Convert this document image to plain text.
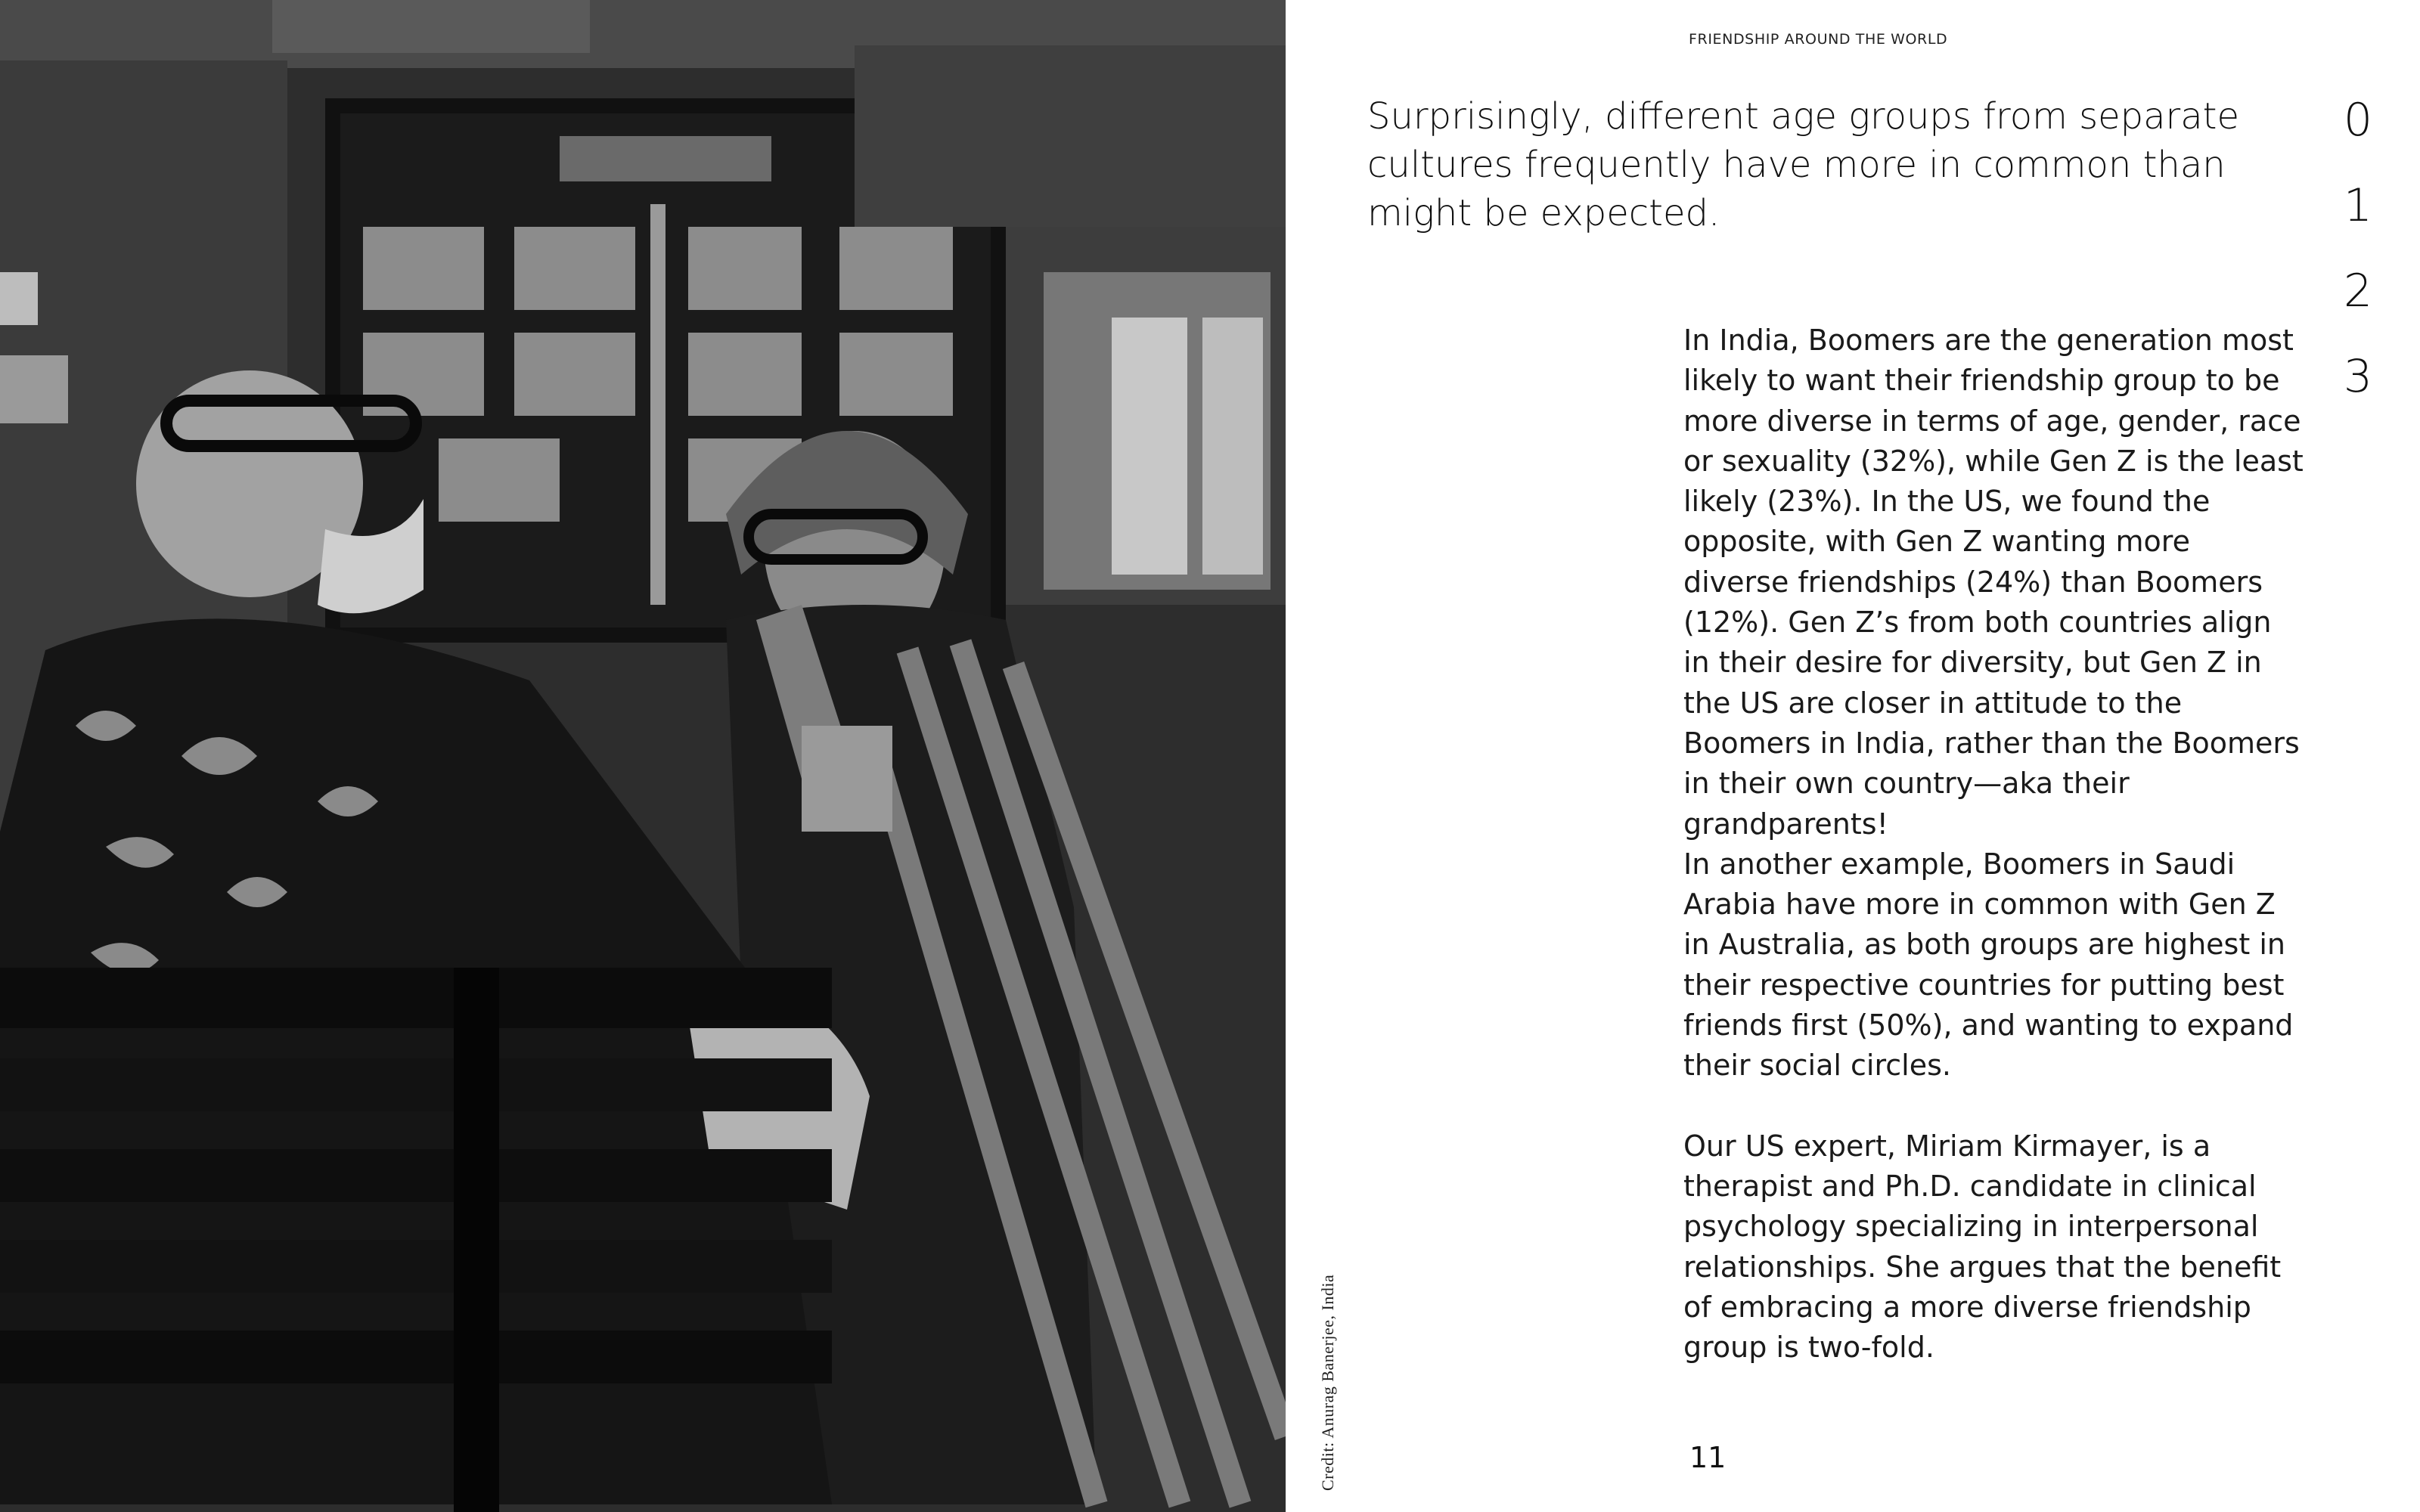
Credit: Anurag Banerjee, India
FRIENDSHIP AROUND THE WORLD

Surprisingly, different age groups from separate cultures frequently have more in common than might be expected.

0
1
2
3

In India, Boomers are the generation most likely to want their friendship group to be more diverse in terms of age, gender, race or sexuality (32%), while Gen Z is the least likely (23%). In the US, we found the opposite, with Gen Z wanting more diverse friendships (24%) than Boomers (12%). Gen Z’s from both countries align in their desire for diversity, but Gen Z in the US are closer in attitude to the Boomers in India, rather than the Boomers in their own country—aka their grandparents!

In another example, Boomers in Saudi Arabia have more in common with Gen Z in Australia, as both groups are highest in their respective countries for putting best friends first (50%), and wanting to expand their social circles.

Our US expert, Miriam Kirmayer, is a therapist and Ph.D. candidate in clinical psychology specializing in interpersonal relationships. She argues that the benefit of embracing a more diverse friendship group is two-fold.

11
